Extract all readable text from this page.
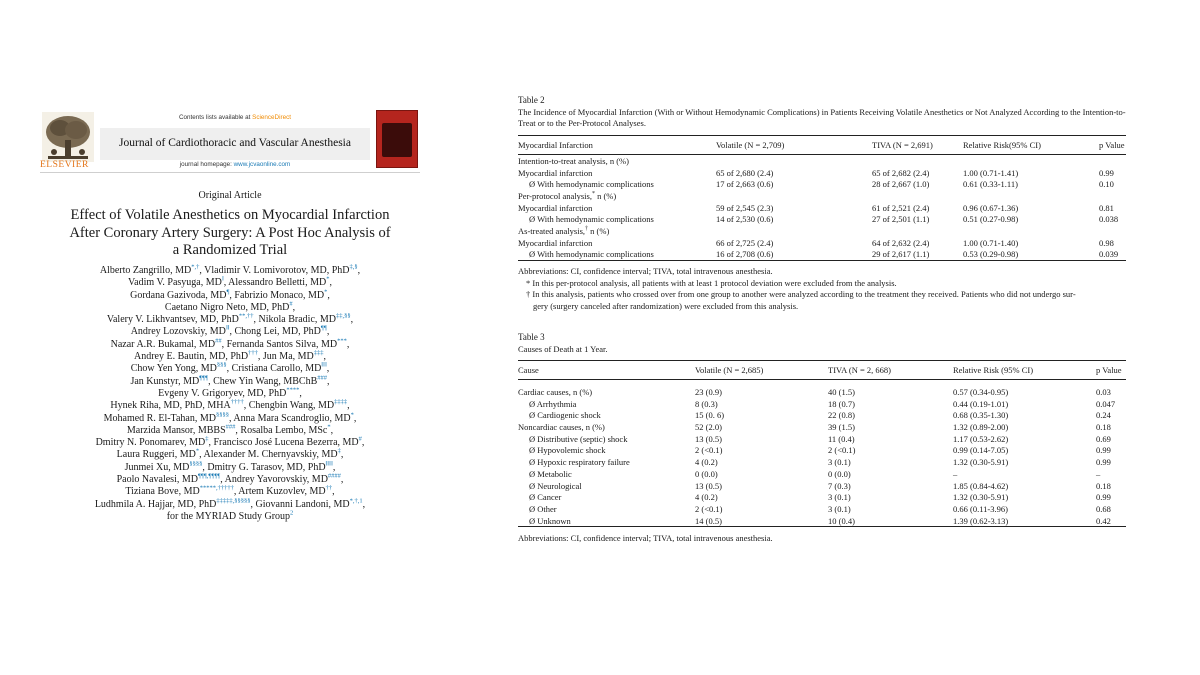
ELSEVIER
Contents lists available at ScienceDirect
Journal of Cardiothoracic and Vascular Anesthesia
journal homepage: www.jcvaonline.com
Original Article
Effect of Volatile Anesthetics on Myocardial Infarction
After Coronary Artery Surgery: A Post Hoc Analysis of
a Randomized Trial
Alberto Zangrillo, MD*,†, Vladimir V. Lomivorotov, MD, PhD‡,§,
Vadim V. Pasyuga, MD‖, Alessandro Belletti, MD*,
Gordana Gazivoda, MD¶, Fabrizio Monaco, MD*,
Caetano Nigro Neto, MD, PhD#,
Valery V. Likhvantsev, MD, PhD**,††, Nikola Bradic, MD‡‡,§§,
Andrey Lozovskiy, MD‖‖, Chong Lei, MD, PhD¶¶,
Nazar A.R. Bukamal, MD##, Fernanda Santos Silva, MD***,
Andrey E. Bautin, MD, PhD†††, Jun Ma, MD‡‡‡,
Chow Yen Yong, MD§§§, Cristiana Carollo, MD‖‖‖,
Jan Kunstyr, MD¶¶¶, Chew Yin Wang, MBChB###,
Evgeny V. Grigoryev, MD, PhD****,
Hynek Riha, MD, PhD, MHA††††, Chengbin Wang, MD‡‡‡‡,
Mohamed R. El-Tahan, MD§§§§, Anna Mara Scandroglio, MD*,
Marzida Mansor, MBBS###, Rosalba Lembo, MSc*,
Dmitry N. Ponomarev, MD‡, Francisco José Lucena Bezerra, MD#,
Laura Ruggeri, MD*, Alexander M. Chernyavskiy, MD‡,
Junmei Xu, MD§§§§, Dmitry G. Tarasov, MD, PhD‖‖‖‖,
Paolo Navalesi, MD¶¶¶,¶¶¶¶, Andrey Yavorovskiy, MD####,
Tiziana Bove, MD*****,†††††, Artem Kuzovlev, MD††,
Ludhmila A. Hajjar, MD, PhD‡‡‡‡‡,§§§§§, Giovanni Landoni, $MD^{*,\dagger,1}$,
for the MYRIAD Study Group$^2$
Table 2
The Incidence of Myocardial Infarction (With or Without Hemodynamic Complications) in Patients Receiving Volatile Anesthetics or Not Analyzed According to the Intention-to-Treat or to the Per-Protocol Analyses.
Myocardial Infarction	Volatile (N = 2,709)	TIVA (N = 2,691)	Relative Risk(95% CI)	p Value
Intention-to-treat analysis, n (%)				
Myocardial infarction	65 of 2,680 (2.4)	65 of 2,682 (2.4)	1.00 (0.71-1.41)	0.99
Ø With hemodynamic complications	17 of 2,663 (0.6)	28 of 2,667 (1.0)	0.61 (0.33-1.11)	0.10
Per-protocol analysis,* n (%)				
Myocardial infarction	59 of 2,545 (2.3)	61 of 2,521 (2.4)	0.96 (0.67-1.36)	0.81
Ø With hemodynamic complications	14 of 2,530 (0.6)	27 of 2,501 (1.1)	0.51 (0.27-0.98)	0.038
As-treated analysis,† n (%)				
Myocardial infarction	66 of 2,725 (2.4)	64 of 2,632 (2.4)	1.00 (0.71-1.40)	0.98
Ø With hemodynamic complications	16 of 2,708 (0.6)	29 of 2,617 (1.1)	0.53 (0.29-0.98)	0.039
Abbreviations: CI, confidence interval; TIVA, total intravenous anesthesia.
* In this per-protocol analysis, all patients with at least 1 protocol deviation were excluded from the analysis.
† In this analysis, patients who crossed over from one group to another were analyzed according to the treatment they received. Patients who did not undergo sur-
gery (surgery canceled after randomization) were excluded from this analysis.
Table 3
Causes of Death at 1 Year.
Cause	Volatile (N = 2,685)	TIVA (N = 2, 668)	Relative Risk (95% CI)	p Value

Cardiac causes, n (%)	23 (0.9)	40 (1.5)	0.57 (0.34-0.95)	0.03
Ø Arrhythmia	8 (0.3)	18 (0.7)	0.44 (0.19-1.01)	0.047
Ø Cardiogenic shock	15 (0. 6)	22 (0.8)	0.68 (0.35-1.30)	0.24
Noncardiac causes, n (%)	52 (2.0)	39 (1.5)	1.32 (0.89-2.00)	0.18
Ø Distributive (septic) shock	13 (0.5)	11 (0.4)	1.17 (0.53-2.62)	0.69
Ø Hypovolemic shock	2 (<0.1)	2 (<0.1)	0.99 (0.14-7.05)	0.99
Ø Hypoxic respiratory failure	4 (0.2)	3 (0.1)	1.32 (0.30-5.91)	0.99
Ø Metabolic	0 (0.0)	0 (0.0)	–	–
Ø Neurological	13 (0.5)	7 (0.3)	1.85 (0.84-4.62)	0.18
Ø Cancer	4 (0.2)	3 (0.1)	1.32 (0.30-5.91)	0.99
Ø Other	2 (<0.1)	3 (0.1)	0.66 (0.11-3.96)	0.68
Ø Unknown	14 (0.5)	10 (0.4)	1.39 (0.62-3.13)	0.42
Abbreviations: CI, confidence interval; TIVA, total intravenous anesthesia.
